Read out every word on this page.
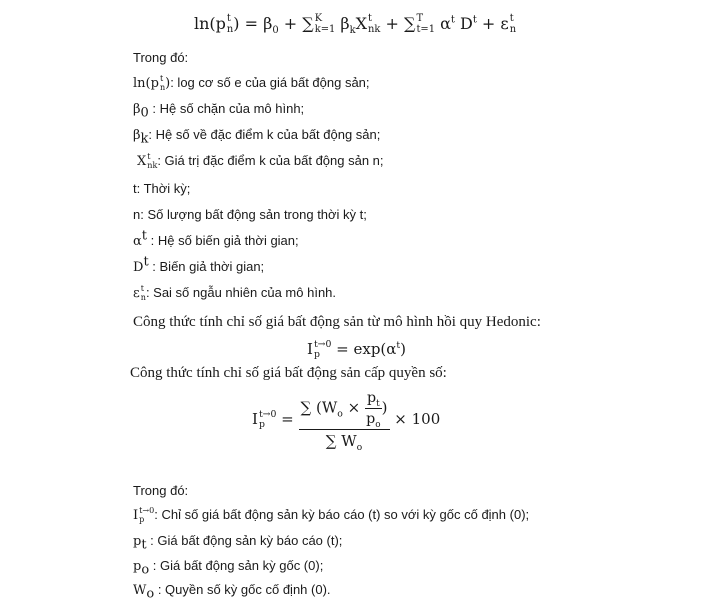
ln(p t
n ) = $\beta_0$ + ∑ K
k=1 $\beta_kX$ t
nk + ∑ T
t=1 $\alpha^t$ $D^t + \varepsilon$ t
n
Trong đó:
ln(p t
n ): log cơ số e của giá bất động sản;
$\beta_0$ : Hệ số chặn của mô hình;
$\beta_k$: Hệ số về đặc điểm k của bất động sản;
X t
nk : Giá trị đặc điểm k của bất động sản n;
t: Thời kỳ;
n: Số lượng bất động sản trong thời kỳ t;
$\alpha^t$ : Hệ số biến giả thời gian;
$D^t$ : Biến giả thời gian;
ε t
n : Sai số ngẫu nhiên của mô hình.
Công thức tính chỉ số giá bất động sản từ mô hình hồi quy Hedonic:
I t→0
$p = \exp(\alpha^t)$
Công thức tính chỉ số giá bất động sản cấp quyền số:
I t→0
$p = \frac{\sum (W_o \times \frac{p_t}{p_o} )}{\sum W_o} \times 100$
Trong đó:
I t→0
p : Chỉ số giá bất động sản kỳ báo cáo (t) so với kỳ gốc cố định (0);
$p_t$ : Giá bất động sản kỳ báo cáo (t);
$p_o$ : Giá bất động sản kỳ gốc (0);
$W_o$ : Quyền số kỳ gốc cố định (0).
